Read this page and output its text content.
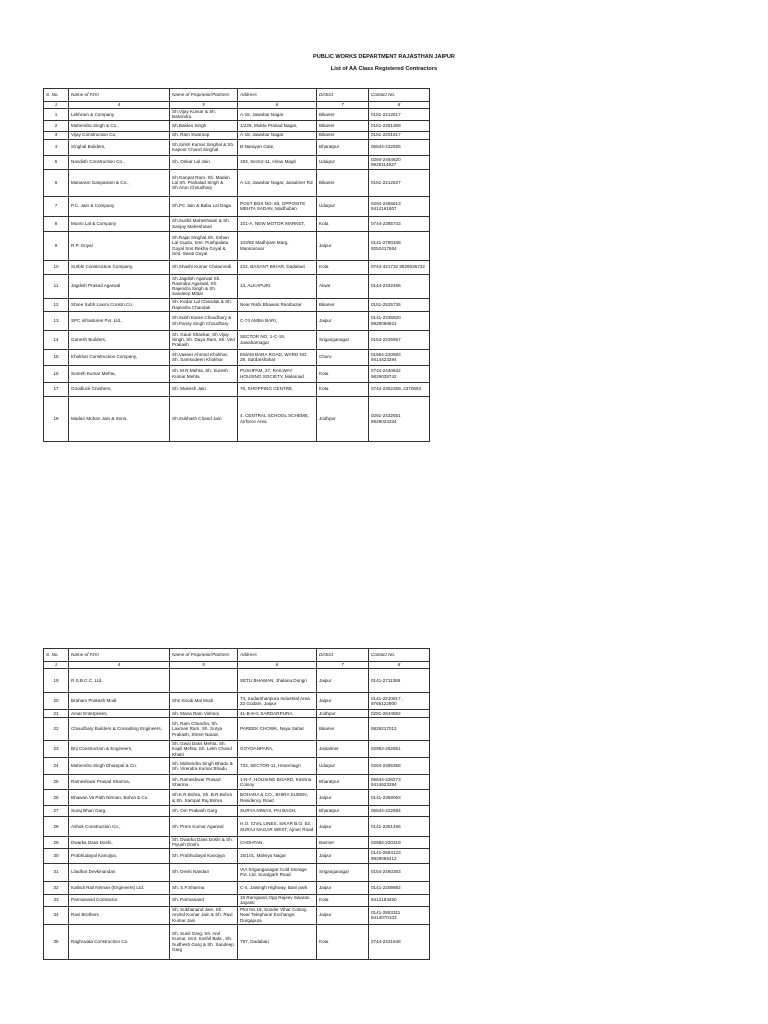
PUBLIC WORKS DEPARTMENT RAJASTHAN JAIPUR
List of AA Class Registered Contractors
S. No.	Name of Firm	Name of Proprietor/Partners	Address	District	Contact No.
1	4	5	6	7	8
1	Lekhram & Company	Sh.Vijay Kumar & Sh. Balvindra	A-18, Jawahar Nagar	Bikaner	0151-2212617
2	Mahendra Singh & Co.,	Sh.Baldeo Singh	1/225, Mukta Prasad Nagar,	Bikaner	0151-2251369
3	Vijay Construction Co,	Sh. Ram Swaroop	A-18, Jawahar Nagar	Bikaner	0151-2201617
4	Singhal Builders,	Sh.Sirish Kumar Singhal & Sh. Kapoor Chand Singhal	B-Narayan Gate,	Bharatpur	05644-232926
5	Nandish Construction Co.,	Sh. Onkar Lal Jain	193, Sector-11, Hiran Magri	Udaipur	0294-2464620 9829114927
6	Manaram Ganpatram & Co.,	Sh.Ganpat Ram. Sh. Madan Lal Sh. Prahalad Singh & Sh.Arun Choudhary	A-13, Jawahar Nagar, Jaisalmer Rd	Bikaner	0151-2212627
7	P.C. Jain & Company	Sh.PC Jain & Babu Lal Daga	POST BOX NO. 83, OPPOSITE MEHTA SADAN, Madhuban	Udaipur	0294-2486613 9414161807
8	Munni Lal & Company	Sh.Sushil Maheshwari & Sh. Sanjay Maheshwari	101-A, NEW MOTOR MARKET,	Kota	0744-2385743
9	R.P. Goyal	Sh.Rajat Singhal,Sh. Sohan Lal Gupta, Smt. Pushpalata Goyal Smt.Rekha Goyal & Smt. Swati Goyal	103/82 Madhyam Marg, Mansarovar	Jaipur	0141-2780348 9252417664
10	Surbhi Construction Company,	Sh.Shashi Kumar Chaturvedi	222, BASANT BIHAR, Dadabari	Kota	0744-421732 9829036732
11	Jagdish Prasad Agarwal	Sh.Jagdish Agarwal Sh. Ravindra Agarwal, Sh. Rajendra Singh & Sh. Sandeep Mittal	13, ALKAPURI.	Alwar	0144-2332456
12	Shree Subh Laxmi Constn.Co.	Sh. Kedar Lal Chandak & Sh. Rajendra Chandak	Near Rishi Bhawan Ranibazar	Bikaner	0151-2525736
13	SPC infrastures Pvt. Ltd.,	Sh.Subh Karan Choudhary & Sh.Pansy Singh Choudhary	C-74 AMBA BARI,	Jaipur	0141-2336920 9829066921
14	Ganesh Builders,	Sh. Gauri Shankar, Sh.Vijay Singh, Sh. Daya Ram, Sh. Ved Prakash	SECTOR NO, 1-C-19, Jawaharnagar	Sriganganagar	0154-2226967
15	Khokhar Construction Company,	Sh.Vaseer Ahmed Khokhar, Sh. Samsudeen Khokhar	EMAM BARA ROAD, WARD NO. 28, Sardarshahar	Churu	01564-220583 9414423294
16	Suresh Kumar Mehta,	Sh. M.R.Mehta, Sh. Suresh Kumar Mehta	PUSHPAM, 37, RAILWAY HOUSING SOCIETY, Malaroad	Kota	0744-2440642 9829035742
17	Goodluck Crushers,	Sh. Mukesh Jain	76, SHOPPING CENTRE,	Kota	0744-2362269, 2370663
18	Madan Mohan Jain & Sons,	Sh.Subhash Chand Jain	4, CENTRAL SCHOOL SCHEME, Airforce Area	Jodhpur	0291-2432551 9829023334
S. No.	Name of Firm	Name of Proprietor/Partners	Address	District	Contact No.
1	4	5	6	7	8
19	R.S.B.C.C. Ltd.		SETU BHAWAN, Jhalana Dungri	Jaipur	0141-2711386
20	Braham Prakash Modi	Shri Kirodi Mal Modi	74, Sudarshanpura Industrial Area 22 Godam, Jaipur	Jaipur	0141-2210917 , 9765122900
21	Amar Enterprises,	Sh. Mana Ram Vishnoi	41-B-9-II, SARDARPURA,	Jodhpur	0291-2644552
22	Choudhary Builders & Consulting Engineers,	Sh. Ram Chandra, Sh. Laxman Ram, Sh. Surya Prakash, Shree Narain	PAREEK CHOWK, Naya Sahar	Bikaner	9829217013
23	Brij Construction & Engineers,	Sh. Gwal Dass Mehta, Sh. Kapil Mehta, Sh. Lekh Chand Khatri	GOYDANPARA,	Jaisalmer	02992-252951
24	Mahendra Singh Dhampal & Co.	Sh. Mahendra Singh Bhadu & Sh. Virendra Kumar Bhadu	733, SECTOR-11, Hiranmagri	Udaipur	0294-2485358
25	Rameshwar Prasad Sharma,	Sh. Rameshwar Prasad Sharma	1-N-7, HOUSING BOARD, Krishna Colony	Bharatpur	05644-226273 9414623294
26	Bhawan Va Path Nirman, Bohra & Co.	Sh.K.R.Bohra, Sh. B.R.Bohra & Sh. Sampat Raj Bohra	BOHARA & CO., BHIRA SUDEN, Residency Road	Jaipur	0141-2369063
27	Suraj Bhan Garg,	Sh. Om Prakash Garg	SURYA NIWAS, PAI BAGH,	Bharatpur	05644-222884
28	Ashok Construction Co.,	Sh. Prem Kumar Agarwal	H.O. CIVIL LINES, SIKAR B.O. 52, SURAJ NAGAR WEST, Ajmer Road	Jaipur	0141-2361456
29	Dwarka Dass Doshi,	Sh. Dwarka Dass Doshi & Sh. Piyush Doshi	CHOHTAN,	Barmer	02982-220319
30	Prabhudayal Kanojiya,	Sh. Prabhudayal Kanojiya	15/101, Malviya Nagar	Jaipur	0141-2554123 9829055412
31	Liladhar Devkinandan	Sh. Devki Nandan	VIA Sriganganagar Cold Storage Pvt. Ltd. Suratgarh Road	Sriganganagar	0154-2460363
32	Kalindi Rail Nirman (Engineers) Ltd.	Sh. S.P.Sharma	C-4, Jaisingh Highway, Bani park	Jaipur	0141-2209992
33	Parmanand Contractor	Sh. Parmanand	18 Ramgwari,Opp.Rajeev Swaran Jayanti	Kota	9414183450
34	Ravi Brothers	Sh. Sukhanand Jain. Sh. Arvind Kumar Jain & Sh. Ravi Kumar Jain	Plot No.19, Sunder Vihar Colony, Near Telephone Exchange, Durgapura	Jaipur	0141-2553311 9414070103
35	Raghuvala Construction Co.	Sh. Sunil Garg, Sh. Anil Kumar, Smt. Sushil Bala , Sh. Sudhesh Garg & Sh. Sandeep Garg	797, Dadabari	Kota	0744-2421848
